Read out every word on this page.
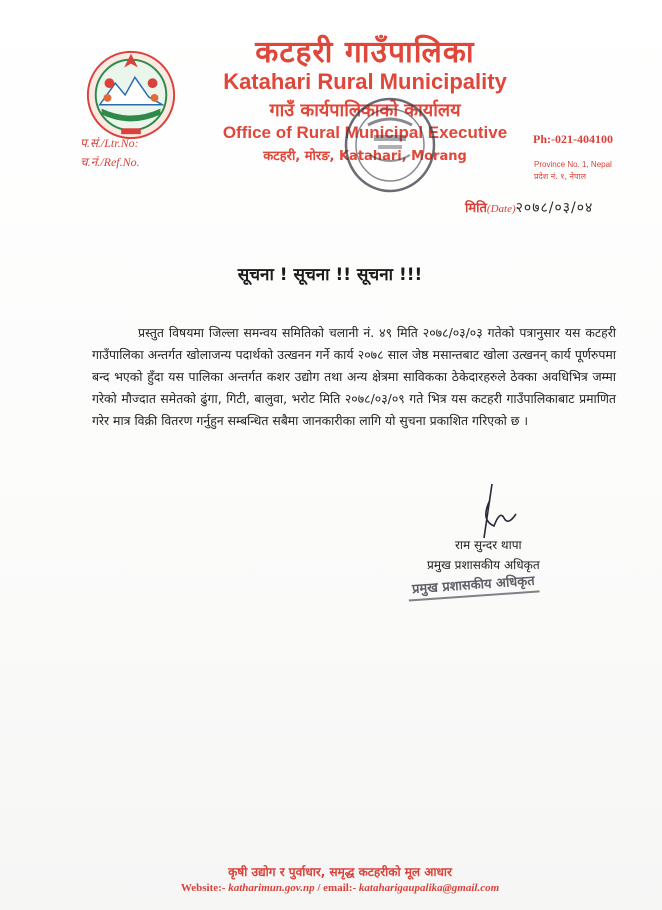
कटहरी गाउँपालिका
Katahari Rural Municipality
गाउँ कार्यपालिकाको कार्यालय
Office of Rural Municipal Executive
कटहरी, मोरङ, Katahari, Morang
प.सं./Ltr.No:
च.नं./Ref.No.
Ph:-021-404100
Province No. 1, Nepal
प्रदेश नं. १, नेपाल
मिति(Date)२०७८/०३/०४
सूचना ! सूचना !! सूचना !!!
प्रस्तुत विषयमा जिल्ला समन्वय समितिको चलानी नं. ४९ मिति २०७८/०३/०३ गतेको पत्रानुसार यस कटहरी गाउँपालिका अन्तर्गत खोलाजन्य पदार्थको उत्खनन गर्ने कार्य २०७८ साल जेष्ठ मसान्तबाट खोला उत्खनन् कार्य पूर्णरुपमा बन्द भएको हुँदा यस पालिका अन्तर्गत कशर उद्योग तथा अन्य क्षेत्रमा साविकका ठेकेदारहरुले ठेक्का अवधिभित्र जम्मा गरेको मौज्दात समेतको ढुंगा, गिटी, बालुवा, भरोट मिति २०७८/०३/०९ गते भित्र यस कटहरी गाउँपालिकाबाट प्रमाणित गरेर मात्र विक्री वितरण गर्नुहुन सम्बन्धित सबैमा जानकारीका लागि यो सुचना प्रकाशित गरिएको छ ।
राम सुन्दर थापा
प्रमुख प्रशासकीय अधिकृत
प्रमुख प्रशासकीय अधिकृत
कृषी उद्योग र पुर्वाधार, समृद्ध कटहरीको मूल आधार
Website:- katharimun.gov.np / email:- kataharigaupalika@gmail.com
